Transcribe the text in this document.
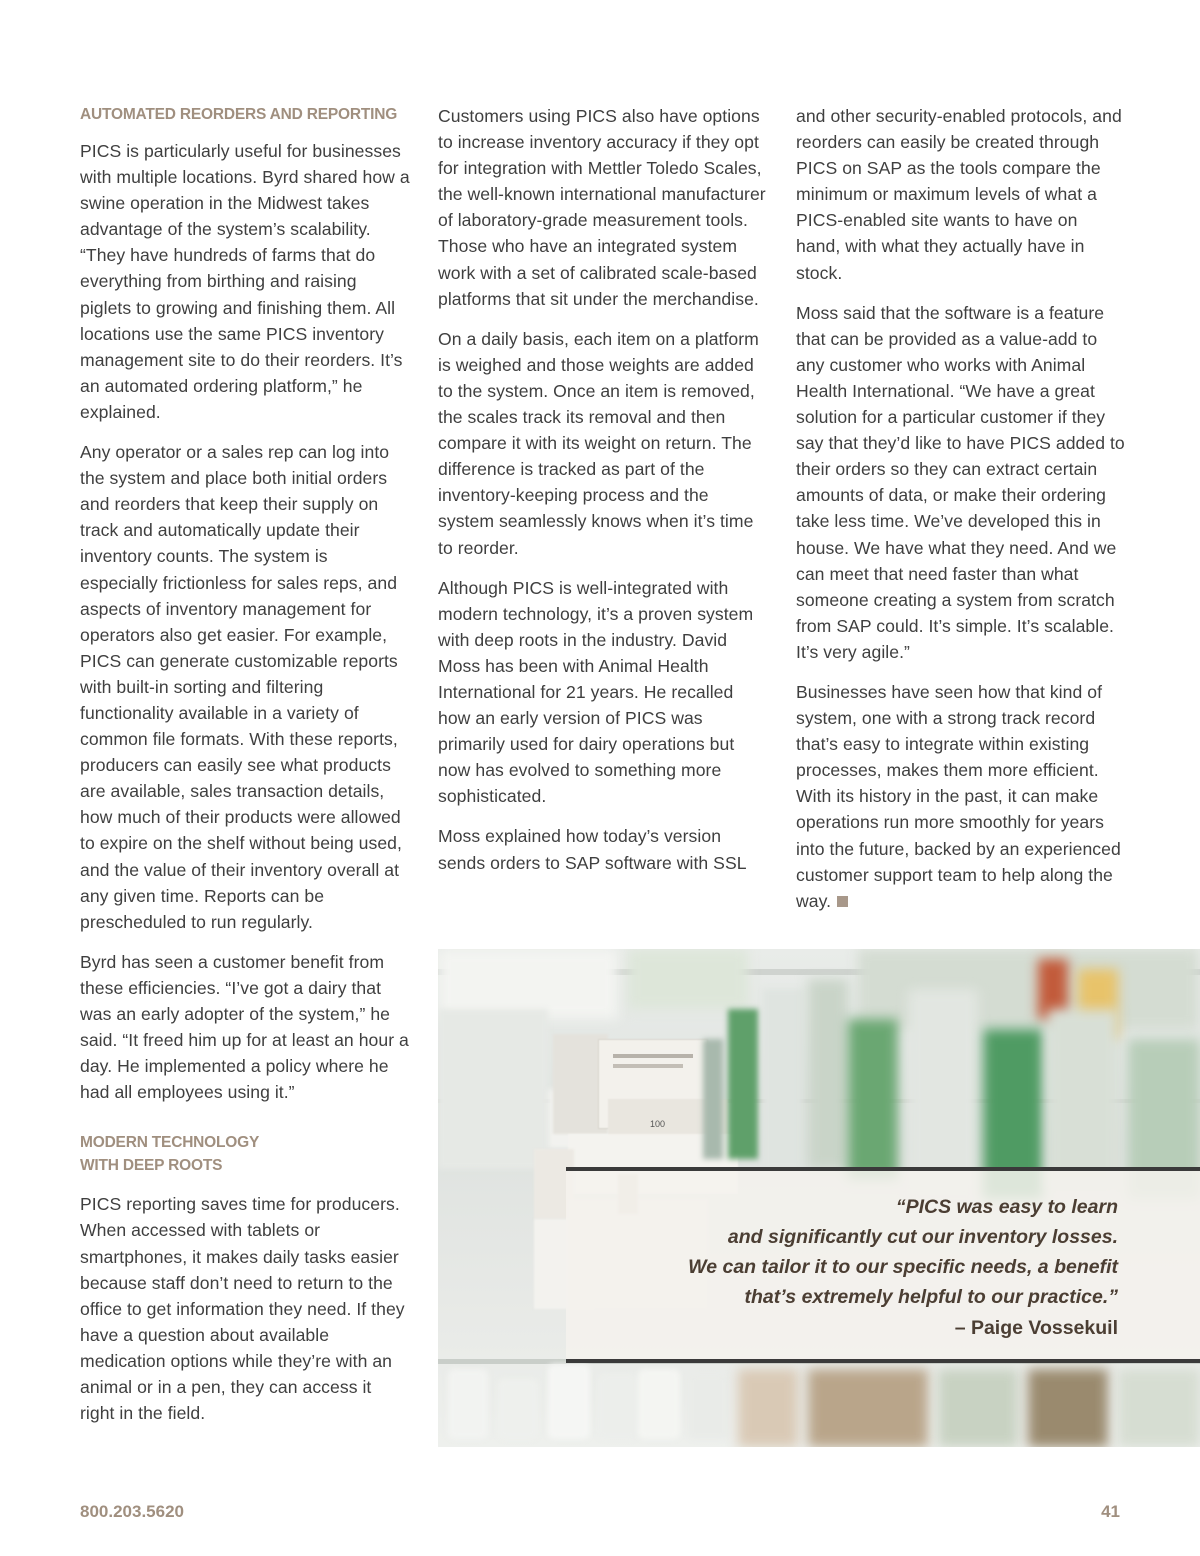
AUTOMATED REORDERS AND REPORTING

PICS is particularly useful for businesses with multiple locations. Byrd shared how a swine operation in the Midwest takes advantage of the system’s scalability. “They have hundreds of farms that do everything from birthing and raising piglets to growing and finishing them. All locations use the same PICS inventory management site to do their reorders. It’s an automated ordering platform,” he explained.

Any operator or a sales rep can log into the system and place both initial orders and reorders that keep their supply on track and automatically update their inventory counts. The system is especially frictionless for sales reps, and aspects of inventory management for operators also get easier. For example, PICS can generate customizable reports with built-in sorting and filtering functionality available in a variety of common file formats. With these reports, producers can easily see what products are available, sales transaction details, how much of their products were allowed to expire on the shelf without being used, and the value of their inventory overall at any given time. Reports can be prescheduled to run regularly.

Byrd has seen a customer benefit from these efficiencies. “I’ve got a dairy that was an early adopter of the system,” he said. “It freed him up for at least an hour a day. He implemented a policy where he had all employees using it.”

MODERN TECHNOLOGY
WITH DEEP ROOTS

PICS reporting saves time for producers. When accessed with tablets or smartphones, it makes daily tasks easier because staff don’t need to return to the office to get information they need. If they have a question about available medication options while they’re with an animal or in a pen, they can access it right in the field.

Customers using PICS also have options to increase inventory accuracy if they opt for integration with Mettler Toledo Scales, the well-known international manufacturer of laboratory-grade measurement tools. Those who have an integrated system work with a set of calibrated scale-based platforms that sit under the merchandise.

On a daily basis, each item on a platform is weighed and those weights are added to the system. Once an item is removed, the scales track its removal and then compare it with its weight on return. The difference is tracked as part of the inventory-keeping process and the system seamlessly knows when it’s time to reorder.

Although PICS is well-integrated with modern technology, it’s a proven system with deep roots in the industry. David Moss has been with Animal Health International for 21 years. He recalled how an early version of PICS was primarily used for dairy operations but now has evolved to something more sophisticated.

Moss explained how today’s version sends orders to SAP software with SSL

and other security-enabled protocols, and reorders can easily be created through PICS on SAP as the tools compare the minimum or maximum levels of what a PICS-enabled site wants to have on hand, with what they actually have in stock.

Moss said that the software is a feature that can be provided as a value-add to any customer who works with Animal Health International. “We have a great solution for a particular customer if they say that they’d like to have PICS added to their orders so they can extract certain amounts of data, or make their ordering take less time. We’ve developed this in house. We have what they need. And we can meet that need faster than what someone creating a system from scratch from SAP could. It’s simple. It’s scalable. It’s very agile.”

Businesses have seen how that kind of system, one with a strong track record that’s easy to integrate within existing processes, makes them more efficient. With its history in the past, it can make operations run more smoothly for years into the future, backed by an experienced customer support team to help along the way.

100
“PICS was easy to learn
and significantly cut our inventory losses.
We can tailor it to our specific needs, a benefit
that’s extremely helpful to our practice.”
– Paige Vossekuil
800.203.5620	41
